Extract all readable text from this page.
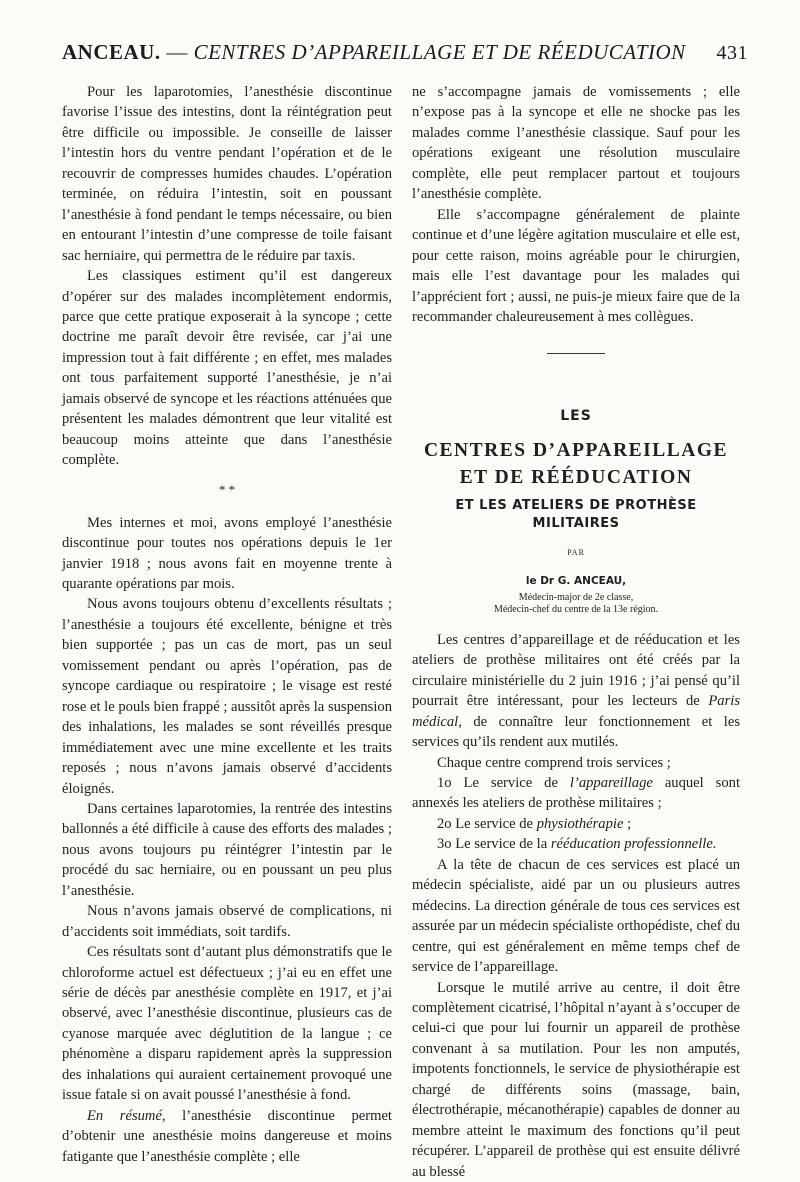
ANCEAU. — CENTRES D’APPAREILLAGE ET DE RÉEDUCATION 431

Pour les laparotomies, l’anesthésie discontinue favorise l’issue des intestins, dont la réintégration peut être difficile ou impossible. Je conseille de laisser l’intestin hors du ventre pendant l’opération et de le recouvrir de compresses humides chaudes. L’opération terminée, on réduira l’intestin, soit en poussant l’anesthésie à fond pendant le temps nécessaire, ou bien en entourant l’intestin d’une compresse de toile faisant sac herniaire, qui permettra de le réduire par taxis.

Les classiques estiment qu’il est dangereux d’opérer sur des malades incomplètement endormis, parce que cette pratique exposerait à la syncope ; cette doctrine me paraît devoir être revisée, car j’ai une impression tout à fait différente ; en effet, mes malades ont tous parfaitement supporté l’anesthésie, je n’ai jamais observé de syncope et les réactions atténuées que présentent les malades démontrent que leur vitalité est beaucoup moins atteinte que dans l’anesthésie complète.

* *

Mes internes et moi, avons employé l’anesthésie discontinue pour toutes nos opérations depuis le 1er janvier 1918 ; nous avons fait en moyenne trente à quarante opérations par mois.

Nous avons toujours obtenu d’excellents résultats ; l’anesthésie a toujours été excellente, bénigne et très bien supportée ; pas un cas de mort, pas un seul vomissement pendant ou après l’opération, pas de syncope cardiaque ou respiratoire ; le visage est resté rose et le pouls bien frappé ; aussitôt après la suspension des inhalations, les malades se sont réveillés presque immédiatement avec une mine excellente et les traits reposés ; nous n’avons jamais observé d’accidents éloignés.

Dans certaines laparotomies, la rentrée des intestins ballonnés a été difficile à cause des efforts des malades ; nous avons toujours pu réintégrer l’intestin par le procédé du sac herniaire, ou en poussant un peu plus l’anesthésie.

Nous n’avons jamais observé de complications, ni d’accidents soit immédiats, soit tardifs.

Ces résultats sont d’autant plus démonstratifs que le chloroforme actuel est défectueux ; j’ai eu en effet une série de décès par anesthésie complète en 1917, et j’ai observé, avec l’anesthésie discontinue, plusieurs cas de cyanose marquée avec déglutition de la langue ; ce phénomène a disparu rapidement après la suppression des inhalations qui auraient certainement provoqué une issue fatale si on avait poussé l’anesthésie à fond.

En résumé, l’anesthésie discontinue permet d’obtenir une anesthésie moins dangereuse et moins fatigante que l’anesthésie complète ; elle

ne s’accompagne jamais de vomissements ; elle n’expose pas à la syncope et elle ne shocke pas les malades comme l’anesthésie classique. Sauf pour les opérations exigeant une résolution musculaire complète, elle peut remplacer partout et toujours l’anesthésie complète.

Elle s’accompagne généralement de plainte continue et d’une légère agitation musculaire et elle est, pour cette raison, moins agréable pour le chirurgien, mais elle l’est davantage pour les malades qui l’apprécient fort ; aussi, ne puis-je mieux faire que de la recommander chaleureusement à mes collègues.

LES
CENTRES D’APPAREILLAGE
ET DE RÉÉDUCATION
ET LES ATELIERS DE PROTHÈSE MILITAIRES
PAR
le Dr G. ANCEAU,
Médecin-major de 2e classe,
Médecin-chef du centre de la 13e région.

Les centres d’appareillage et de rééducation et les ateliers de prothèse militaires ont été créés par la circulaire ministérielle du 2 juin 1916 ; j’ai pensé qu’il pourrait être intéressant, pour les lecteurs de Paris médical, de connaître leur fonctionnement et les services qu’ils rendent aux mutilés.

Chaque centre comprend trois services ;

1o Le service de l’appareillage auquel sont annexés les ateliers de prothèse militaires ;

2o Le service de physiothérapie ;

3o Le service de la rééducation professionnelle.

A la tête de chacun de ces services est placé un médecin spécialiste, aidé par un ou plusieurs autres médecins. La direction générale de tous ces services est assurée par un médecin spécialiste orthopédiste, chef du centre, qui est généralement en même temps chef de service de l’appareillage.

Lorsque le mutilé arrive au centre, il doit être complètement cicatrisé, l’hôpital n’ayant à s’occuper de celui-ci que pour lui fournir un appareil de prothèse convenant à sa mutilation. Pour les non amputés, impotents fonctionnels, le service de physiothérapie est chargé de différents soins (massage, bain, électrothérapie, mécanothérapie) capables de donner au membre atteint le maximum des fonctions qu’il peut récupérer. L’appareil de prothèse qui est ensuite délivré au blessé
